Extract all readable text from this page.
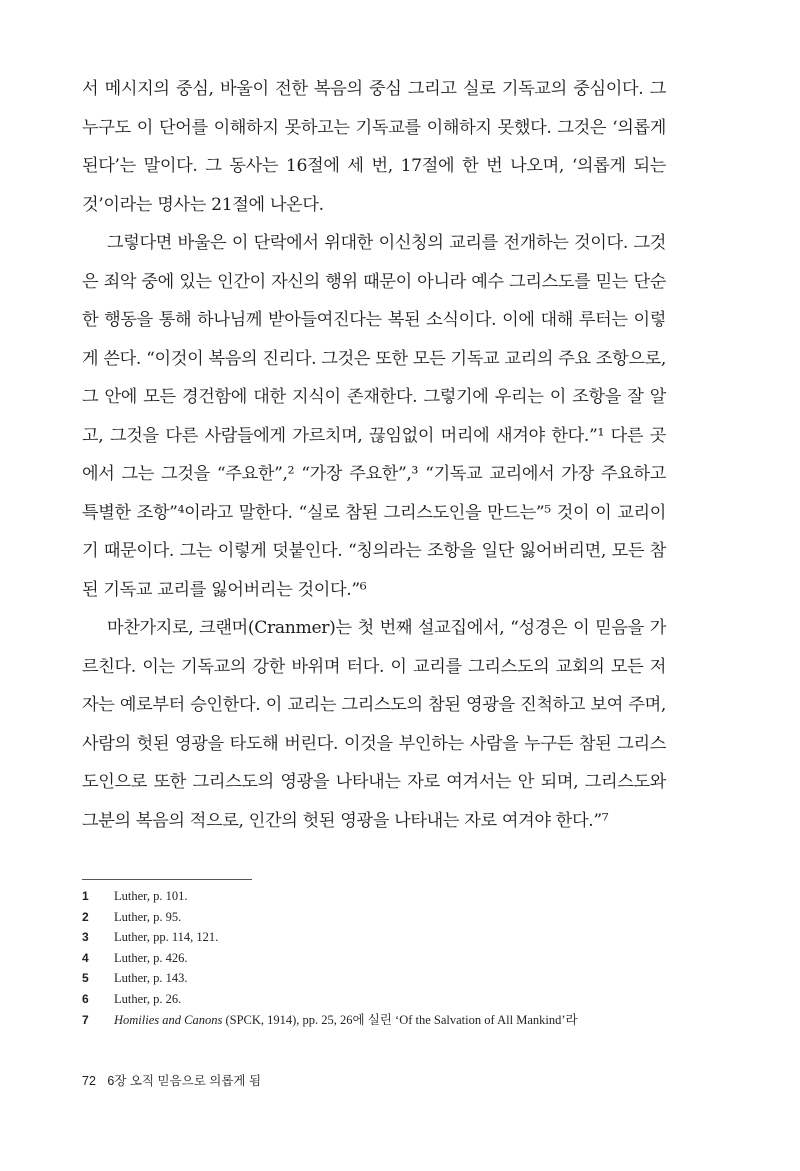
서 메시지의 중심, 바울이 전한 복음의 중심 그리고 실로 기독교의 중심이다. 그 누구도 이 단어를 이해하지 못하고는 기독교를 이해하지 못했다. 그것은 ‘의롭게 된다’는 말이다. 그 동사는 16절에 세 번, 17절에 한 번 나오며, ‘의롭게 되는 것’이라는 명사는 21절에 나온다.

그렇다면 바울은 이 단락에서 위대한 이신칭의 교리를 전개하는 것이다. 그것은 죄악 중에 있는 인간이 자신의 행위 때문이 아니라 예수 그리스도를 믿는 단순한 행동을 통해 하나님께 받아들여진다는 복된 소식이다. 이에 대해 루터는 이렇게 쓴다. “이것이 복음의 진리다. 그것은 또한 모든 기독교 교리의 주요 조항으로, 그 안에 모든 경건함에 대한 지식이 존재한다. 그렇기에 우리는 이 조항을 잘 알고, 그것을 다른 사람들에게 가르치며, 끊임없이 머리에 새겨야 한다.”¹ 다른 곳에서 그는 그것을 “주요한”,² “가장 주요한”,³ “기독교 교리에서 가장 주요하고 특별한 조항”⁴이라고 말한다. “실로 참된 그리스도인을 만드는”⁵ 것이 이 교리이기 때문이다. 그는 이렇게 덧붙인다. “칭의라는 조항을 일단 잃어버리면, 모든 참된 기독교 교리를 잃어버리는 것이다.”⁶

마찬가지로, 크랜머(Cranmer)는 첫 번째 설교집에서, “성경은 이 믿음을 가르친다. 이는 기독교의 강한 바위며 터다. 이 교리를 그리스도의 교회의 모든 저자는 예로부터 승인한다. 이 교리는 그리스도의 참된 영광을 진척하고 보여 주며, 사람의 헛된 영광을 타도해 버린다. 이것을 부인하는 사람을 누구든 참된 그리스도인으로 또한 그리스도의 영광을 나타내는 자로 여겨서는 안 되며, 그리스도와 그분의 복음의 적으로, 인간의 헛된 영광을 나타내는 자로 여겨야 한다.”⁷

1	Luther, p. 101.
2	Luther, p. 95.
3	Luther, pp. 114, 121.
4	Luther, p. 426.
5	Luther, p. 143.
6	Luther, p. 26.
7	Homilies and Canons (SPCK, 1914), pp. 25, 26에 실린 ‘Of the Salvation of All Mankind’라
72 6장 오직 믿음으로 의롭게 됨
